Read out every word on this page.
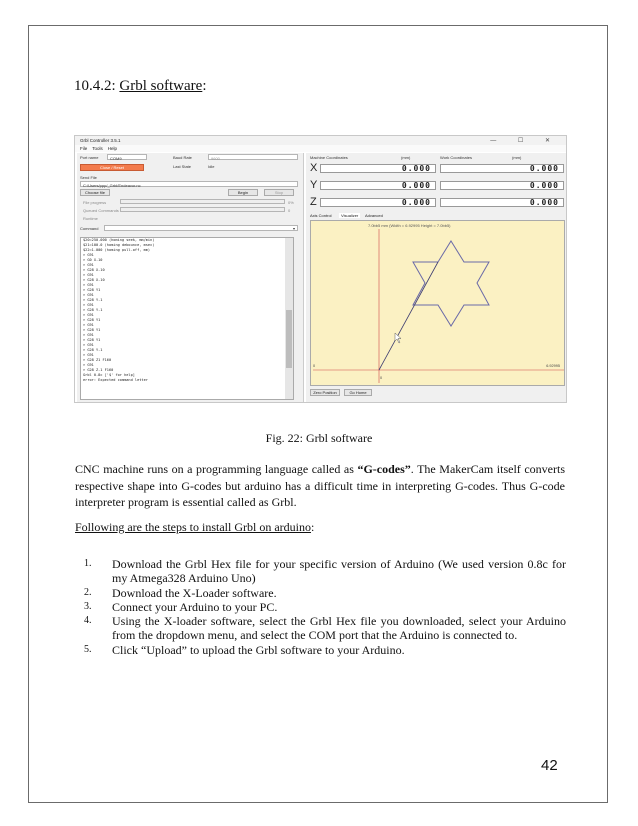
10.4.2: Grbl software:
Grbl Controller 3.5.1	— ☐ ✕
File Tools Help
Port name	COM9	Baud Rate	9600
Close / Reset	Last State	Idle
Send File
C:/Users/ppp/_Grbl/Endeavor.nc
Choose file	Begin	Stop
File progress	0%
Queued Commands	0
Runtime
Command	▾
$20=250.000 (homing seek, mm/min)
$21=100.0 (homing debounce, msec)
$22=1.000 (homing pull-off, mm)
> G91
> G0 X-10
> G91
> G28 X-10
> G91
> G28 X-10
> G91
> G28 Y1
> G91
> G28 Y-1
> G91
> G28 Y-1
> G91
> G28 Y1
> G91
> G28 Y1
> G91
> G28 Y1
> G91
> G28 Y-1
> G91
> G28 Z1 F160
> G91
> G28 Z-1 F160
Grbl 0.8c ['$' for help]
error: Expected command letter
Machine Coordinates	(mm)	Work Coordinates	(mm)
X	0.000	0.000
Y	0.000	0.000
Z	0.000	0.000
Axis Control	Visualizer	Advanced
7.0bb5 mm (Width = 6.92995 Height = 7.0bb5)
0	6.92995
0
Zero Position	Go Home
Fig. 22: Grbl software
CNC machine runs on a programming language called as “G-codes”. The MakerCam itself converts respective shape into G-codes but arduino has a difficult time in interpreting G-codes. Thus G-code interpreter program is essential called as Grbl.
Following are the steps to install Grbl on arduino:
1. Download the Grbl Hex file for your specific version of Arduino (We used version 0.8c for my Atmega328 Arduino Uno)
2. Download the X-Loader software.
3. Connect your Arduino to your PC.
4. Using the X-loader software, select the Grbl Hex file you downloaded, select your Arduino from the dropdown menu, and select the COM port that the Arduino is connected to.
5. Click “Upload” to upload the Grbl software to your Arduino.
42
